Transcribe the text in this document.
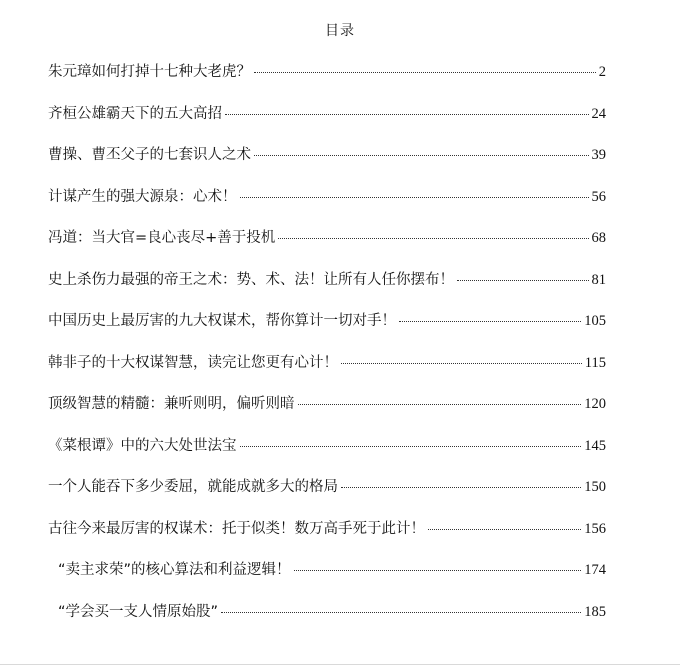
目录
朱元璋如何打掉十七种大老虎？	2
齐桓公雄霸天下的五大高招	24
曹操、曹丕父子的七套识人之术	39
计谋产生的强大源泉：心术！	56
冯道：当大官=良心丧尽+善于投机	68
史上杀伤力最强的帝王之术：势、术、法！让所有人任你摆布！	81
中国历史上最厉害的九大权谋术，帮你算计一切对手！	105
韩非子的十大权谋智慧，读完让您更有心计！	115
顶级智慧的精髓：兼听则明，偏听则暗	120
《菜根谭》中的六大处世法宝	145
一个人能吞下多少委屈，就能成就多大的格局	150
古往今来最厉害的权谋术：托于似类！数万高手死于此计！	156
“卖主求荣”的核心算法和利益逻辑！	174
“学会买一支人情原始股”	185
